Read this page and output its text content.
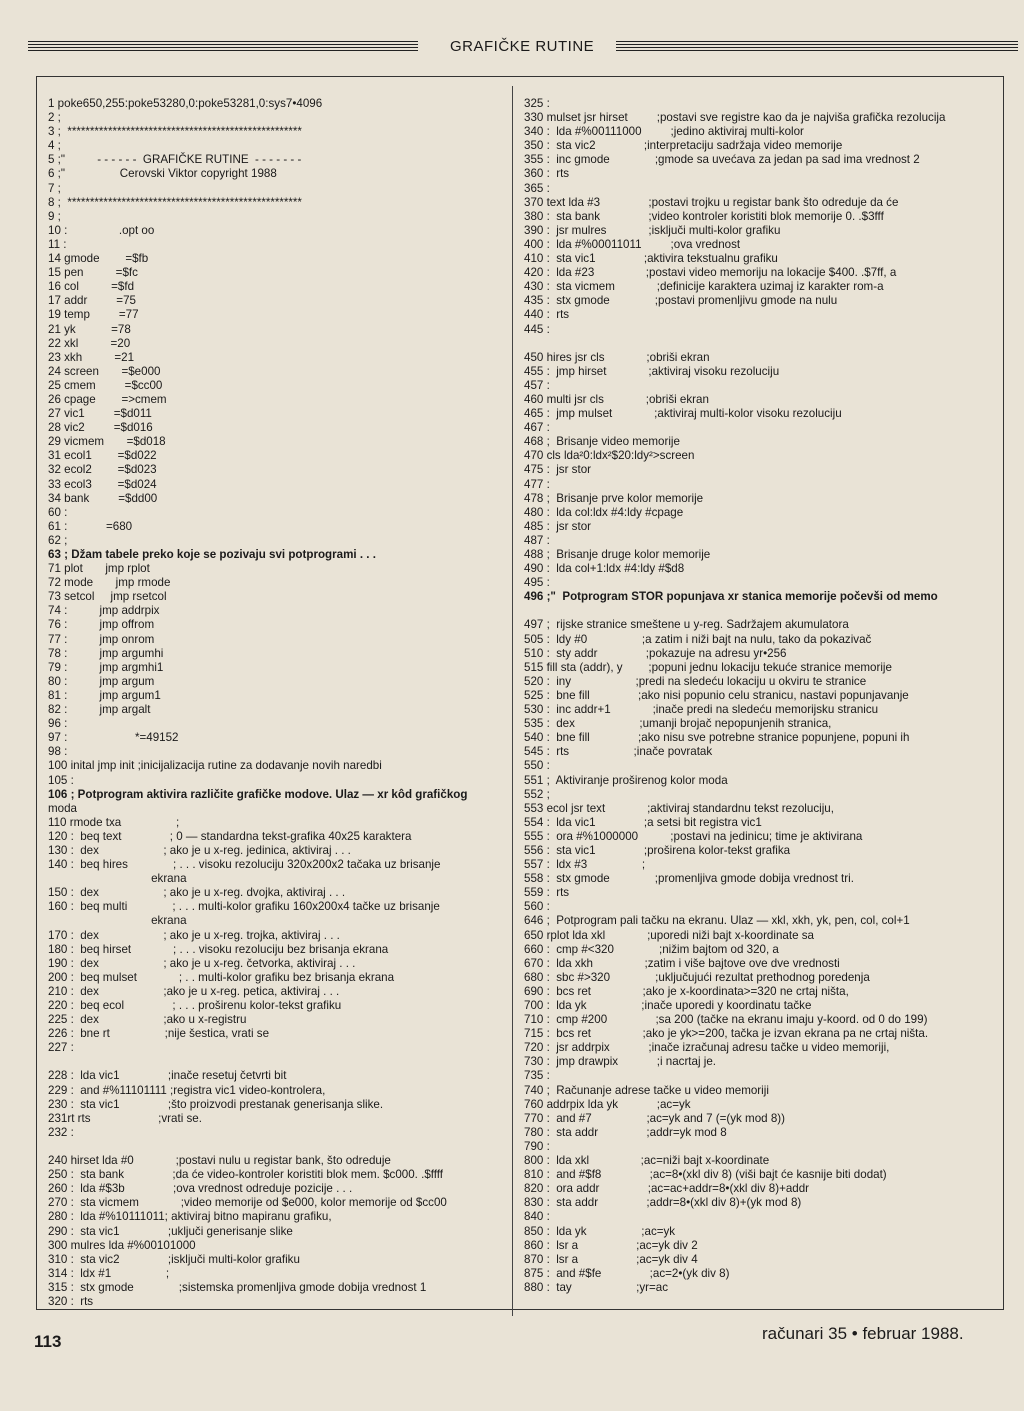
GRAFIČKE RUTINE
1 poke650,255:poke53280,0:poke53281,0:sys7•4096
2 ;
3 ;  ****************************************************
4 ;
5 ;"          - - - - - -  GRAFIČKE RUTINE  - - - - - - -
6 ;"                 Cerovski Viktor copyright 1988
7 ;
8 ;  ****************************************************
9 ;
10 :                .opt oo
11 :
14 gmode        =$fb
15 pen          =$fc
16 col          =$fd
17 addr         =75
19 temp         =77
21 yk           =78
22 xkl          =20
23 xkh          =21
24 screen       =$e000
25 cmem         =$cc00
26 cpage        =>cmem
27 vic1         =$d011
28 vic2         =$d016
29 vicmem       =$d018
31 ecol1        =$d022
32 ecol2        =$d023
33 ecol3        =$d024
34 bank         =$dd00
60 :
61 :            =680
62 ;
63 ; Džam tabele preko koje se pozivaju svi potprogrami . . .
71 plot       jmp rplot
72 mode       jmp rmode
73 setcol     jmp rsetcol
74 :          jmp addrpix
76 :          jmp offrom
77 :          jmp onrom
78 :          jmp argumhi
79 :          jmp argmhi1
80 :          jmp argum
81 :          jmp argum1
82 :          jmp argalt
96 :
97 :                     *=49152
98 :
100 inital jmp init ;inicijalizacija rutine za dodavanje novih naredbi
105 :
106 ; Potprogram aktivira različite grafičke modove. Ulaz — xr kôd grafičkog
moda
110 rmode txa                 ;
120 :  beq text               ; 0 — standardna tekst-grafika 40x25 karaktera
130 :  dex                    ; ako je u x-reg. jedinica, aktiviraj . . .
140 :  beq hires              ; . . . visoku rezoluciju 320x200x2 tačaka uz brisanje
ekrana
150 :  dex                    ; ako je u x-reg. dvojka, aktiviraj . . .
160 :  beq multi              ; . . . multi-kolor grafiku 160x200x4 tačke uz brisanje
ekrana
170 :  dex                    ; ako je u x-reg. trojka, aktiviraj . . .
180 :  beq hirset             ; . . . visoku rezoluciju bez brisanja ekrana
190 :  dex                    ; ako je u x-reg. četvorka, aktiviraj . . .
200 :  beq mulset             ; . . multi-kolor grafiku bez brisanja ekrana
210 :  dex                    ;ako je u x-reg. petica, aktiviraj . . .
220 :  beq ecol               ; . . . proširenu kolor-tekst grafiku
225 :  dex                    ;ako u x-registru
226 :  bne rt                 ;nije šestica, vrati se
227 :
228 :  lda vic1               ;inače resetuj četvrti bit
229 :  and #%11101111 ;registra vic1 video-kontrolera,
230 :  sta vic1               ;što proizvodi prestanak generisanja slike.
231rt rts                     ;vrati se.
232 :
240 hirset lda #0             ;postavi nulu u registar bank, što odreduje
250 :  sta bank               ;da će video-kontroler koristiti blok mem. $c000. .$ffff
260 :  lda #$3b               ;ova vrednost odreduje pozicije . . .
270 :  sta vicmem             ;video memorije od $e000, kolor memorije od $cc00
280 :  lda #%10111011; aktiviraj bitno mapiranu grafiku,
290 :  sta vic1               ;uključi generisanje slike
300 mulres lda #%00101000
310 :  sta vic2               ;isključi multi-kolor grafiku
314 :  ldx #1                 ;
315 :  stx gmode              ;sistemska promenljiva gmode dobija vrednost 1
320 :  rts
325 :
330 mulset jsr hirset         ;postavi sve registre kao da je najviša grafička rezolucija
340 :  lda #%00111000         ;jedino aktiviraj multi-kolor
350 :  sta vic2               ;interpretaciju sadržaja video memorije
355 :  inc gmode              ;gmode sa uvećava za jedan pa sad ima vrednost 2
360 :  rts
365 :
370 text lda #3               ;postavi trojku u registar bank što odreduje da će
380 :  sta bank               ;video kontroler koristiti blok memorije 0. .$3fff
390 :  jsr mulres             ;isključi multi-kolor grafiku
400 :  lda #%00011011         ;ova vrednost
410 :  sta vic1               ;aktivira tekstualnu grafiku
420 :  lda #23                ;postavi video memoriju na lokacije $400. .$7ff, a
430 :  sta vicmem             ;definicije karaktera uzimaj iz karakter rom-a
435 :  stx gmode              ;postavi promenljivu gmode na nulu
440 :  rts
445 :
450 hires jsr cls             ;obriši ekran
455 :  jmp hirset             ;aktiviraj visoku rezoluciju
457 :
460 multi jsr cls             ;obriši ekran
465 :  jmp mulset             ;aktiviraj multi-kolor visoku rezoluciju
467 :
468 ;  Brisanje video memorije
470 cls lda²0:ldx²$20:ldy²>screen
475 :  jsr stor
477 :
478 ;  Brisanje prve kolor memorije
480 :  lda col:ldx #4:ldy #cpage
485 :  jsr stor
487 :
488 ;  Brisanje druge kolor memorije
490 :  lda col+1:ldx #4:ldy #$d8
495 :
496 ;"  Potprogram STOR popunjava xr stanica memorije počevši od memo
497 ;  rijske stranice smeštene u y-reg. Sadržajem akumulatora
505 :  ldy #0                 ;a zatim i niži bajt na nulu, tako da pokazivač
510 :  sty addr               ;pokazuje na adresu yr•256
515 fill sta (addr), y        ;popuni jednu lokaciju tekuće stranice memorije
520 :  iny                    ;predi na sledeću lokaciju u okviru te stranice
525 :  bne fill               ;ako nisi popunio celu stranicu, nastavi popunjavanje
530 :  inc addr+1             ;inače predi na sledeću memorijsku stranicu
535 :  dex                    ;umanji brojač nepopunjenih stranica,
540 :  bne fill               ;ako nisu sve potrebne stranice popunjene, popuni ih
545 :  rts                    ;inače povratak
550 :
551 ;  Aktiviranje proširenog kolor moda
552 ;
553 ecol jsr text             ;aktiviraj standardnu tekst rezoluciju,
554 :  lda vic1               ;a setsi bit registra vic1
555 :  ora #%1000000          ;postavi na jedinicu; time je aktivirana
556 :  sta vic1               ;proširena kolor-tekst grafika
557 :  ldx #3                 ;
558 :  stx gmode              ;promenljiva gmode dobija vrednost tri.
559 :  rts
560 :
646 ;  Potprogram pali tačku na ekranu. Ulaz — xkl, xkh, yk, pen, col, col+1
650 rplot lda xkl             ;uporedi niži bajt x-koordinate sa
660 :  cmp #<320              ;nižim bajtom od 320, a
670 :  lda xkh                ;zatim i više bajtove ove dve vrednosti
680 :  sbc #>320              ;uključujući rezultat prethodnog poredenja
690 :  bcs ret                ;ako je x-koordinata>=320 ne crtaj ništa,
700 :  lda yk                 ;inače uporedi y koordinatu tačke
710 :  cmp #200               ;sa 200 (tačke na ekranu imaju y-koord. od 0 do 199)
715 :  bcs ret                ;ako je yk>=200, tačka je izvan ekrana pa ne crtaj ništa.
720 :  jsr addrpix            ;inače izračunaj adresu tačke u video memoriji,
730 :  jmp drawpix            ;i nacrtaj je.
735 :
740 ;  Računanje adrese tačke u video memoriji
760 addrpix lda yk            ;ac=yk
770 :  and #7                 ;ac=yk and 7 (=(yk mod 8))
780 :  sta addr               ;addr=yk mod 8
790 :
800 :  lda xkl                ;ac=niži bajt x-koordinate
810 :  and #$f8               ;ac=8•(xkl div 8) (viši bajt će kasnije biti dodat)
820 :  ora addr               ;ac=ac+addr=8•(xkl div 8)+addr
830 :  sta addr               ;addr=8•(xkl div 8)+(yk mod 8)
840 :
850 :  lda yk                 ;ac=yk
860 :  lsr a                  ;ac=yk div 2
870 :  lsr a                  ;ac=yk div 4
875 :  and #$fe               ;ac=2•(yk div 8)
880 :  tay                    ;yr=ac
113	računari 35 • februar 1988.
